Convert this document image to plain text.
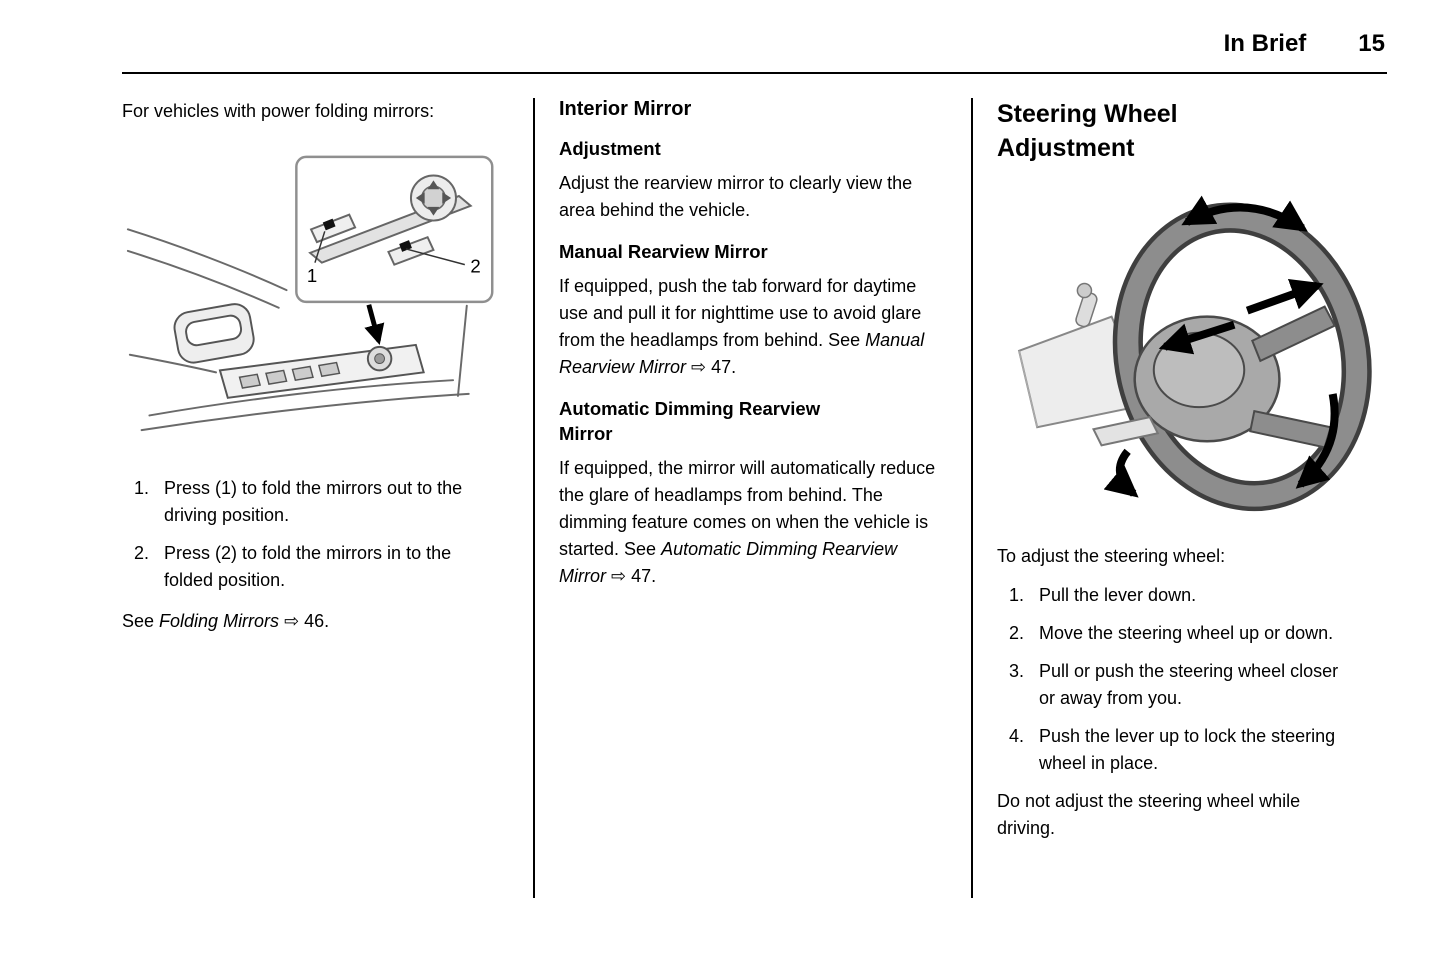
In Brief 15

For vehicles with power folding mirrors:

1	2
1. Press (1) to fold the mirrors out to the driving position.
2. Press (2) to fold the mirrors in to the folded position.

See Folding Mirrors ⇨ 46.

Interior Mirror
Adjustment

Adjust the rearview mirror to clearly view the area behind the vehicle.

Manual Rearview Mirror

If equipped, push the tab forward for daytime use and pull it for nighttime use to avoid glare from the headlamps from behind. See Manual Rearview Mirror ⇨ 47.

Automatic Dimming Rearview Mirror

If equipped, the mirror will automatically reduce the glare of headlamps from behind. The dimming feature comes on when the vehicle is started. See Automatic Dimming Rearview Mirror ⇨ 47.

Steering Wheel Adjustment

To adjust the steering wheel:

1. Pull the lever down.
2. Move the steering wheel up or down.
3. Pull or push the steering wheel closer or away from you.
4. Push the lever up to lock the steering wheel in place.

Do not adjust the steering wheel while driving.
